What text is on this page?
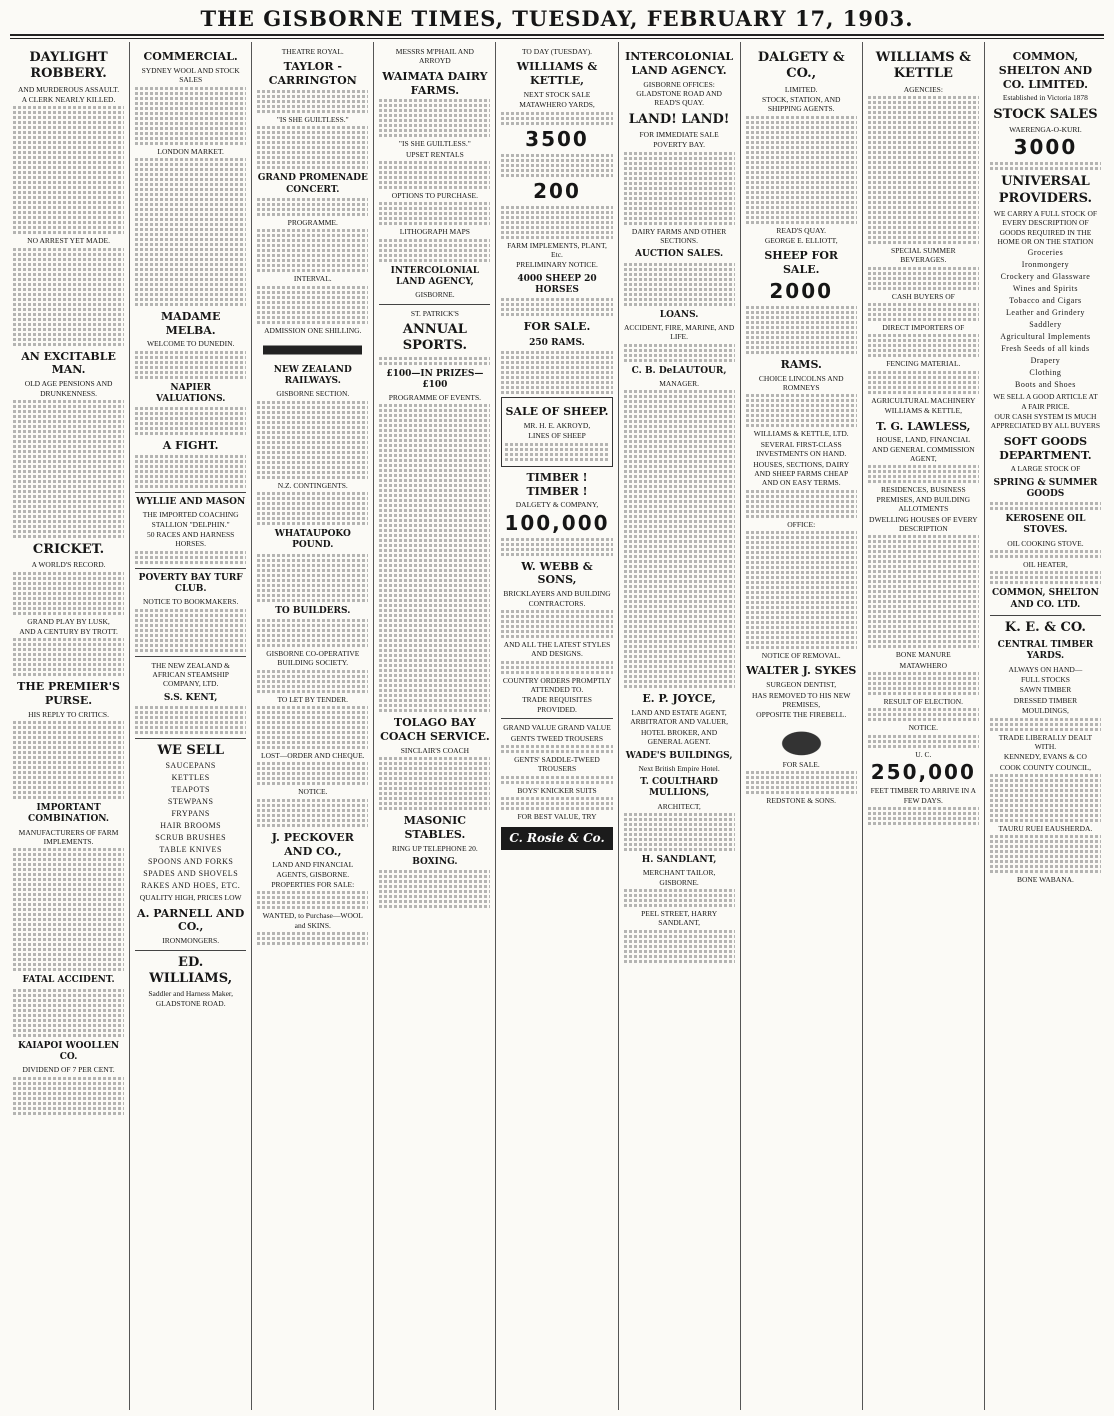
THE GISBORNE TIMES, TUESDAY, FEBRUARY 17, 1903.
DAYLIGHT ROBBERY.
AND MURDEROUS ASSAULT.
A CLERK NEARLY KILLED.
NO ARREST YET MADE.
AN EXCITABLE MAN.
OLD AGE PENSIONS AND DRUNKENNESS.
CRICKET.
A WORLD'S RECORD.
GRAND PLAY BY LUSK,
AND A CENTURY BY TROTT.
THE PREMIER'S PURSE.
HIS REPLY TO CRITICS.
IMPORTANT COMBINATION.
MANUFACTURERS OF FARM IMPLEMENTS.
FATAL ACCIDENT.
KAIAPOI WOOLLEN CO.
DIVIDEND OF 7 PER CENT.
COMMERCIAL.
SYDNEY WOOL AND STOCK SALES
LONDON MARKET.
MADAME MELBA.
WELCOME TO DUNEDIN.
NAPIER VALUATIONS.
A FIGHT.
WYLLIE AND MASON
THE IMPORTED COACHING STALLION "DELPHIN."
50 RACES AND HARNESS HORSES.
POVERTY BAY TURF CLUB.
NOTICE TO BOOKMAKERS.
THE NEW ZEALAND & AFRICAN STEAMSHIP COMPANY, LTD.
S.S. KENT,
WE SELL
SAUCEPANS
KETTLES
TEAPOTS
STEWPANS
FRYPANS
HAIR BROOMS
SCRUB BRUSHES
TABLE KNIVES
SPOONS AND FORKS
SPADES AND SHOVELS
RAKES AND HOES, ETC.
QUALITY HIGH, PRICES LOW
A. PARNELL AND CO.,
IRONMONGERS.
ED. WILLIAMS,
Saddler and Harness Maker,
GLADSTONE ROAD.
THEATRE ROYAL.
TAYLOR - CARRINGTON
"IS SHE GUILTLESS."
GRAND PROMENADE CONCERT.
PROGRAMME.
INTERVAL.
ADMISSION ONE SHILLING.
NEW ZEALAND RAILWAYS.
GISBORNE SECTION.
N.Z. CONTINGENTS.
WHATAUPOKO POUND.
TO BUILDERS.
GISBORNE CO-OPERATIVE BUILDING SOCIETY.
TO LET BY TENDER.
LOST—ORDER AND CHEQUE.
NOTICE.
J. PECKOVER AND CO.,
LAND AND FINANCIAL AGENTS, GISBORNE.
PROPERTIES FOR SALE:
WANTED, to Purchase—WOOL and SKINS.
MESSRS M'PHAIL AND ARROYD
WAIMATA DAIRY FARMS.
"IS SHE GUILTLESS."
UPSET RENTALS
OPTIONS TO PURCHASE.
LITHOGRAPH MAPS
INTERCOLONIAL LAND AGENCY,
GISBORNE.
ST. PATRICK'S
ANNUAL SPORTS.
£100—IN PRIZES—£100
PROGRAMME OF EVENTS.
TOLAGO BAY COACH SERVICE.
SINCLAIR'S COACH
MASONIC STABLES.
RING UP TELEPHONE 20.
BOXING.
TO DAY (TUESDAY).
WILLIAMS & KETTLE,
NEXT STOCK SALE
MATAWHERO YARDS,
3500
200
FARM IMPLEMENTS, PLANT, Etc.
PRELIMINARY NOTICE.
4000 SHEEP 20 HORSES
FOR SALE.
250 RAMS.
SALE OF SHEEP.
MR. H. E. AKROYD,
LINES OF SHEEP
TIMBER ! TIMBER !
DALGETY & COMPANY,
100,000
W. WEBB & SONS,
BRICKLAYERS AND BUILDING CONTRACTORS.
AND ALL THE LATEST STYLES AND DESIGNS.
COUNTRY ORDERS PROMPTLY ATTENDED TO.
TRADE REQUISITES PROVIDED.
GRAND VALUE GRAND VALUE
GENTS TWEED TROUSERS
GENTS' SADDLE-TWEED TROUSERS
BOYS' KNICKER SUITS
FOR BEST VALUE, TRY
C. Rosie & Co.
INTERCOLONIAL LAND AGENCY.
GISBORNE OFFICES: GLADSTONE ROAD AND READ'S QUAY.
LAND! LAND!
FOR IMMEDIATE SALE
POVERTY BAY.
DAIRY FARMS AND OTHER SECTIONS.
AUCTION SALES.
LOANS.
ACCIDENT, FIRE, MARINE, AND LIFE.
C. B. DeLAUTOUR,
MANAGER.
E. P. JOYCE,
LAND AND ESTATE AGENT, ARBITRATOR AND VALUER,
HOTEL BROKER, AND GENERAL AGENT.
WADE'S BUILDINGS,
Next British Empire Hotel.
T. COULTHARD MULLIONS,
ARCHITECT,
H. SANDLANT,
MERCHANT TAILOR, GISBORNE.
PEEL STREET, HARRY SANDLANT,
DALGETY & CO.,
LIMITED.
STOCK, STATION, AND SHIPPING AGENTS.
READ'S QUAY.
GEORGE E. ELLIOTT,
SHEEP FOR SALE.
2000
RAMS.
CHOICE LINCOLNS AND ROMNEYS
WILLIAMS & KETTLE, LTD.
SEVERAL FIRST-CLASS INVESTMENTS ON HAND.
HOUSES, SECTIONS, DAIRY AND SHEEP FARMS CHEAP AND ON EASY TERMS.
OFFICE:
NOTICE OF REMOVAL.
WALTER J. SYKES
SURGEON DENTIST,
HAS REMOVED TO HIS NEW PREMISES,
OPPOSITE THE FIREBELL.
FOR SALE.
REDSTONE & SONS.
WILLIAMS & KETTLE
AGENCIES:
SPECIAL SUMMER BEVERAGES.
CASH BUYERS OF
DIRECT IMPORTERS OF
FENCING MATERIAL.
AGRICULTURAL MACHINERY
WILLIAMS & KETTLE,
T. G. LAWLESS,
HOUSE, LAND, FINANCIAL AND GENERAL COMMISSION AGENT,
RESIDENCES, BUSINESS PREMISES, AND BUILDING ALLOTMENTS
DWELLING HOUSES OF EVERY DESCRIPTION
BONE MANURE
MATAWHERO
RESULT OF ELECTION.
NOTICE.
U. C.
250,000
FEET TIMBER TO ARRIVE IN A FEW DAYS.
COMMON, SHELTON AND CO. LIMITED.
Established in Victoria 1878
STOCK SALES
WAERENGA-O-KURI.
3000
UNIVERSAL PROVIDERS.
WE CARRY A FULL STOCK OF EVERY DESCRIPTION OF GOODS REQUIRED IN THE HOME OR ON THE STATION
Groceries
Ironmongery
Crockery and Glassware
Wines and Spirits
Tobacco and Cigars
Leather and Grindery
Saddlery
Agricultural Implements
Fresh Seeds of all kinds
Drapery
Clothing
Boots and Shoes
WE SELL A GOOD ARTICLE AT A FAIR PRICE.
OUR CASH SYSTEM IS MUCH APPRECIATED BY ALL BUYERS
SOFT GOODS DEPARTMENT.
A LARGE STOCK OF
SPRING & SUMMER GOODS
KEROSENE OIL STOVES.
OIL COOKING STOVE.
OIL HEATER,
COMMON, SHELTON AND CO. LTD.
K. E. & CO.
CENTRAL TIMBER YARDS.
ALWAYS ON HAND—
FULL STOCKS
SAWN TIMBER
DRESSED TIMBER
MOULDINGS,
TRADE LIBERALLY DEALT WITH.
KENNEDY, EVANS & CO
COOK COUNTY COUNCIL,
TAURU RUEI EAUSHERDA.
BONE WABANA.
